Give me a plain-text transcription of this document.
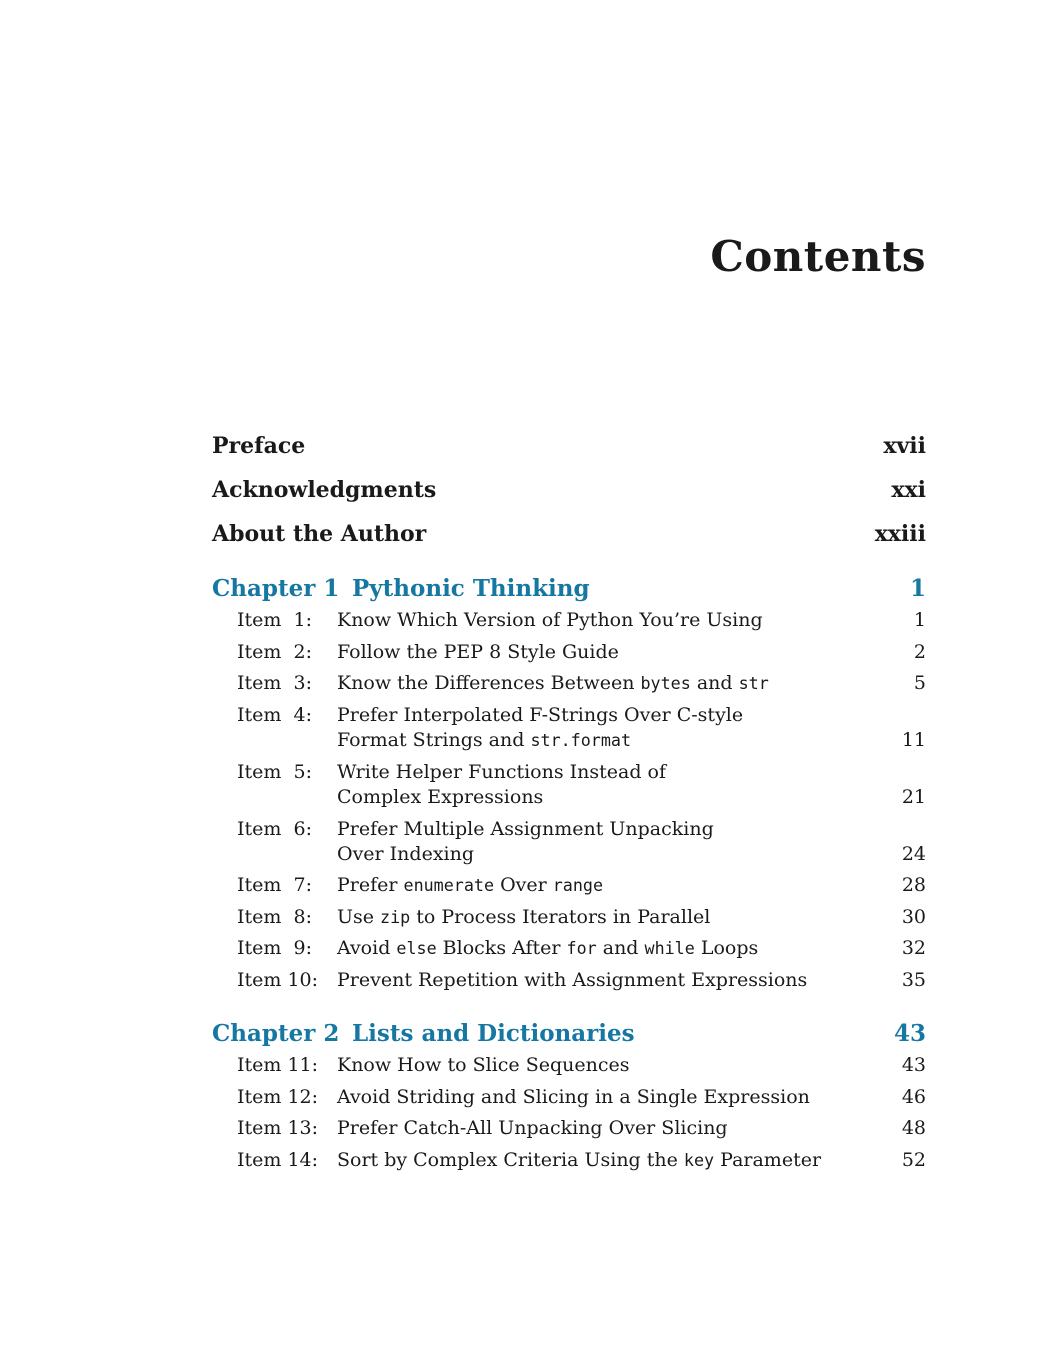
Contents
Preface	xvii
Acknowledgments	xxi
About the Author	xxiii
Chapter 1 Pythonic Thinking	1
Item  1:	Know Which Version of Python You’re Using	1
Item  2:	Follow the PEP 8 Style Guide	2
Item  3:	Know the Differences Between bytes and str	5
Item  4:	Prefer Interpolated F-Strings Over C-style
Format Strings and str.format	11
Item  5:	Write Helper Functions Instead of
Complex Expressions	21
Item  6:	Prefer Multiple Assignment Unpacking
Over Indexing	24
Item  7:	Prefer enumerate Over range	28
Item  8:	Use zip to Process Iterators in Parallel	30
Item  9:	Avoid else Blocks After for and while Loops	32
Item 10: Prevent Repetition with Assignment Expressions	35
Chapter 2 Lists and Dictionaries	43
Item 11: Know How to Slice Sequences	43
Item 12: Avoid Striding and Slicing in a Single Expression	46
Item 13: Prefer Catch-All Unpacking Over Slicing	48
Item 14: Sort by Complex Criteria Using the key Parameter	52
